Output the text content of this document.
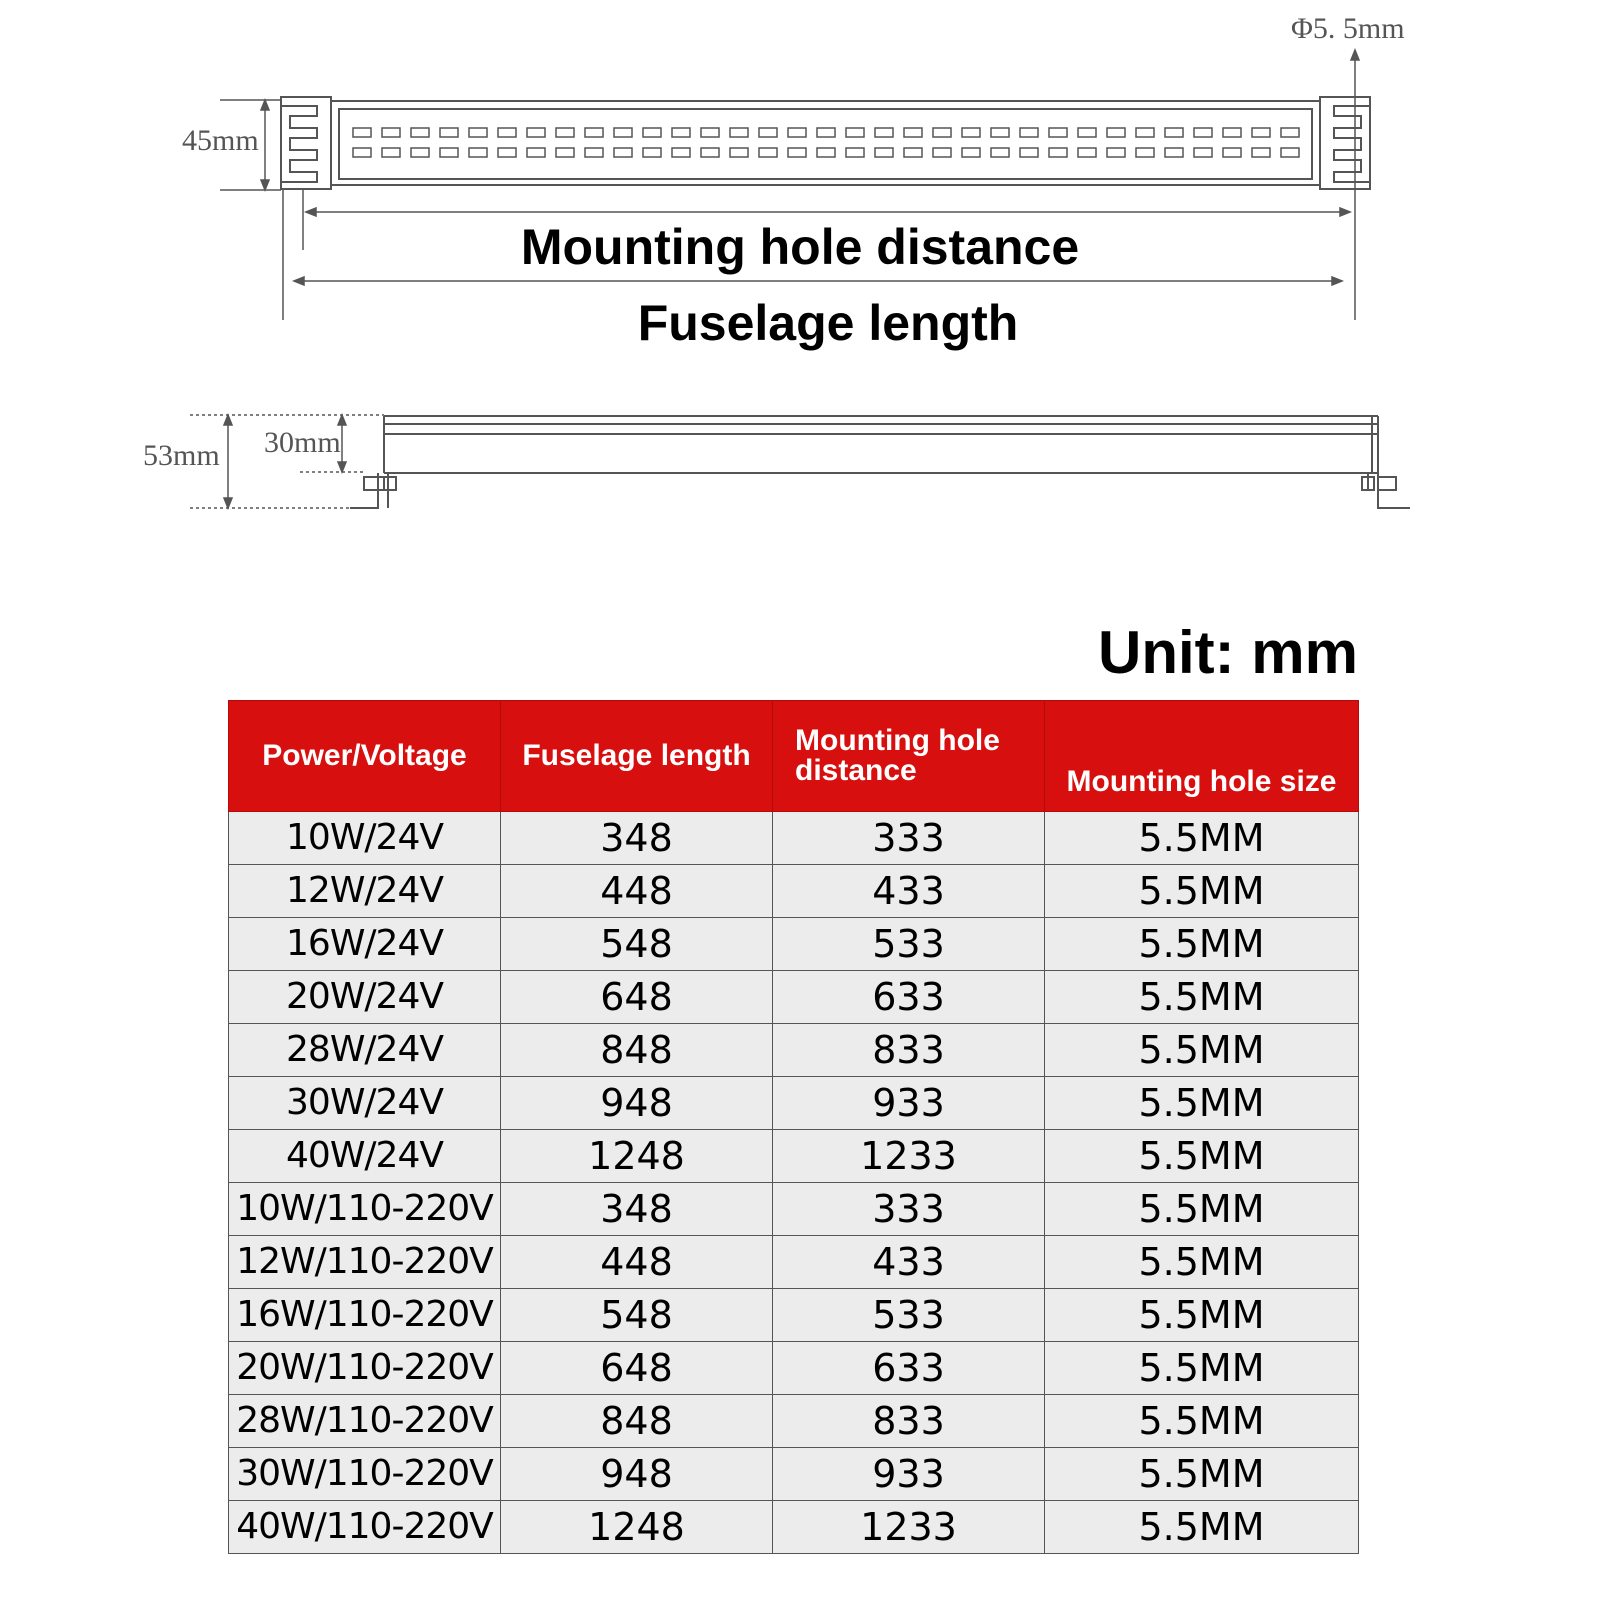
Φ5. 5mm
45mm
Mounting hole distance
Fuselage length
53mm 30mm
Unit: mm
Power/Voltage	Fuselage length	Mounting hole distance	Mounting hole size
10W/24V	348	333	5.5MM
12W/24V	448	433	5.5MM
16W/24V	548	533	5.5MM
20W/24V	648	633	5.5MM
28W/24V	848	833	5.5MM
30W/24V	948	933	5.5MM
40W/24V	1248	1233	5.5MM
10W/110-220V	348	333	5.5MM
12W/110-220V	448	433	5.5MM
16W/110-220V	548	533	5.5MM
20W/110-220V	648	633	5.5MM
28W/110-220V	848	833	5.5MM
30W/110-220V	948	933	5.5MM
40W/110-220V	1248	1233	5.5MM
